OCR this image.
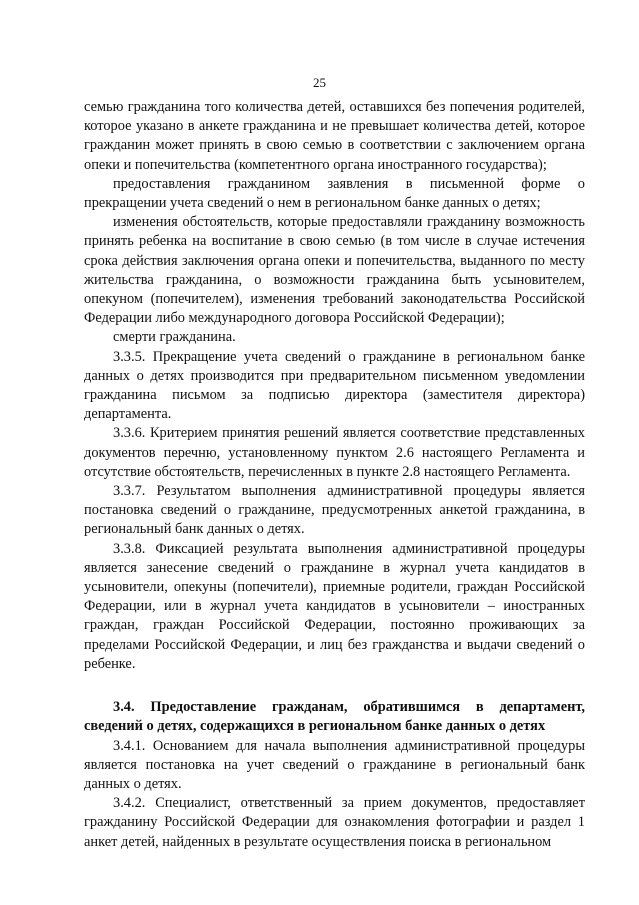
25

семью гражданина того количества детей, оставшихся без попечения родителей, которое указано в анкете гражданина и не превышает количества детей, которое гражданин может принять в свою семью в соответствии с заключением органа опеки и попечительства (компетентного органа иностранного государства);

предоставления гражданином заявления в письменной форме о прекращении учета сведений о нем в региональном банке данных о детях;

изменения обстоятельств, которые предоставляли гражданину возможность принять ребенка на воспитание в свою семью (в том числе в случае истечения срока действия заключения органа опеки и попечительства, выданного по месту жительства гражданина, о возможности гражданина быть усыновителем, опекуном (попечителем), изменения требований законодательства Российской Федерации либо международного договора Российской Федерации);

смерти гражданина.

3.3.5. Прекращение учета сведений о гражданине в региональном банке данных о детях производится при предварительном письменном уведомлении гражданина письмом за подписью директора (заместителя директора) департамента.

3.3.6. Критерием принятия решений является соответствие представленных документов перечню, установленному пунктом 2.6 настоящего Регламента и отсутствие обстоятельств, перечисленных в пункте 2.8 настоящего Регламента.

3.3.7. Результатом выполнения административной процедуры является постановка сведений о гражданине, предусмотренных анкетой гражданина, в региональный банк данных о детях.

3.3.8. Фиксацией результата выполнения административной процедуры является занесение сведений о гражданине в журнал учета кандидатов в усыновители, опекуны (попечители), приемные родители, граждан Российской Федерации, или в журнал учета кандидатов в усыновители – иностранных граждан, граждан Российской Федерации, постоянно проживающих за пределами Российской Федерации, и лиц без гражданства и выдачи сведений о ребенке.

3.4. Предоставление гражданам, обратившимся в департамент, сведений о детях, содержащихся в региональном банке данных о детях

3.4.1. Основанием для начала выполнения административной процедуры является постановка на учет сведений о гражданине в региональный банк данных о детях.

3.4.2. Специалист, ответственный за прием документов, предоставляет гражданину Российской Федерации для ознакомления фотографии и раздел 1 анкет детей, найденных в результате осуществления поиска в региональном
